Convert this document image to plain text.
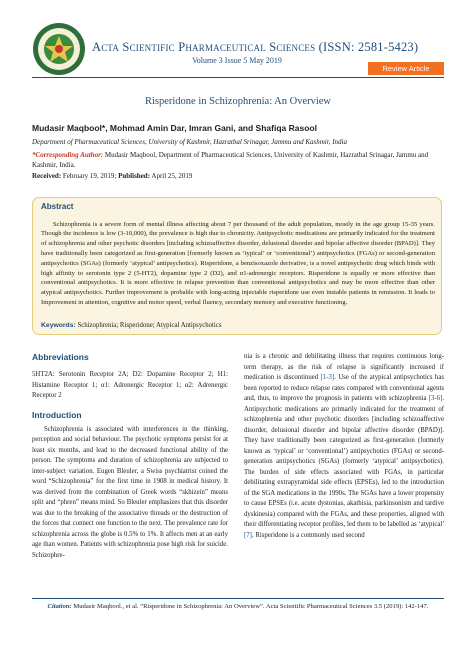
Acta Scientific Pharmaceutical Sciences (ISSN: 2581-5423)
Volume 3 Issue 5 May 2019
Review Article
Risperidone in Schizophrenia: An Overview
Mudasir Maqbool*, Mohmad Amin Dar, Imran Gani, and Shafiqa Rasool
Department of Pharmaceutical Sciences, University of Kashmir, Hazratbal Srinagar, Jammu and Kashmir, India
*Corresponding Author: Mudasir Maqbool, Department of Pharmaceutical Sciences, University of Kashmir, Hazratbal Srinagar, Jammu and Kashmir, India.
Received: February 19, 2019; Published: April 25, 2019
Abstract

Schizophrenia is a severe form of mental illness affecting about 7 per thousand of the adult population, mostly in the age group 15-35 years. Though the incidence is low (3-10,000), the prevalence is high due to chronicity. Antipsychotic medications are primarily indicated for the treatment of schizophrenia and other psychotic disorders [including schizoaffective disorder, delusional disorder and bipolar affective disorder (BPAD)]. They have traditionally been categorized as first-generation [formerly known as ‘typical’ or ‘conventional’) antipsychotics (FGAs) or second-generation antipsychotics (SGAs) (formerly ‘atypical’ antipsychotics). Risperidone, a benzisoxazole derivative, is a novel antipsychotic drug which binds with high affinity to serotonin type 2 (5-HT2), dopamine type 2 (D2), and α1-adrenergic receptors. Risperidone is equally or more effective than conventional antipsychotics. It is more effective in relapse prevention than conventional antipsychotics and may be more effective than other atypical antipsychotics. Further improvement is probable with long-acting injectable risperidone use even instable patients in remission. It leads to Improvement in attention, cognitive and motor speed, verbal fluency, secondary memory and executive functioning.

Keywords: Schizophrenia; Risperidone; Atypical Antipsychotics
Abbreviations

5HT2A: Serotonin Receptor 2A; D2: Dopamine Receptor 2; H1: Histamine Receptor 1; α1: Adrenergic Receptor 1; α2: Adrenergic Receptor 2

Introduction

Schizophrenia is associated with interferences in the thinking, perception and social behaviour. The psychotic symptoms persist for at least six months, and lead to the decreased functional ability of the person. The symptoms and duration of schizophrenia are subjected to inter-subject variation. Eugen Bleuler, a Swiss psychiatrist coined the word “Schizophrenia” for the first time in 1908 in medical history. It was derived from the combination of Greek words “skhizein” means split and “phren” means mind. So Bleuler emphasizes that this disorder was due to the breaking of the associative threads or the destruction of the forces that connect one function to the next. The prevalence rate for schizophrenia across the globe is 0.5% to 1%. It affects men at an early age than women. Patients with schizophrenia pose high risk for suicide. Schizophre-

nia is a chronic and debilitating illness that requires continuous long-term therapy, as the risk of relapse is significantly increased if medication is discontinued [1-3]. Use of the atypical antipsychotics has been reported to reduce relapse rates compared with conventional agents and, thus, to improve the prognosis in patients with schizophrenia [3-6]. Antipsychotic medications are primarily indicated for the treatment of schizophrenia and other psychotic disorders [including schizoaffective disorder, delusional disorder and bipolar affective disorder (BPAD)]. They have traditionally been categorized as first-generation (formerly known as ‘typical’ or ‘conventional’) antipsychotics (FGAs) or second-generation antipsychotics (SGAs) (formerly ‘atypical’ antipsychotics). The burden of side effects associated with FGAs, in particular debilitating extrapyramidal side effects (EPSEs), led to the introduction of the SGA medications in the 1990s. The SGAs have a lower propensity to cause EPSEs (i.e. acute dystonias, akathisia, parkinsonism and tardive dyskinesia) compared with the FGAs, and these properties, aligned with their differentiating receptor profiles, led them to be labelled as ‘atypical’ [7]. Risperidone is a commonly used second

Citation: Mudasir Maqbool., et al. “Risperidone in Schizophrenia: An Overview”. Acta Scientific Pharmaceutical Sciences 3.5 (2019): 142-147.
